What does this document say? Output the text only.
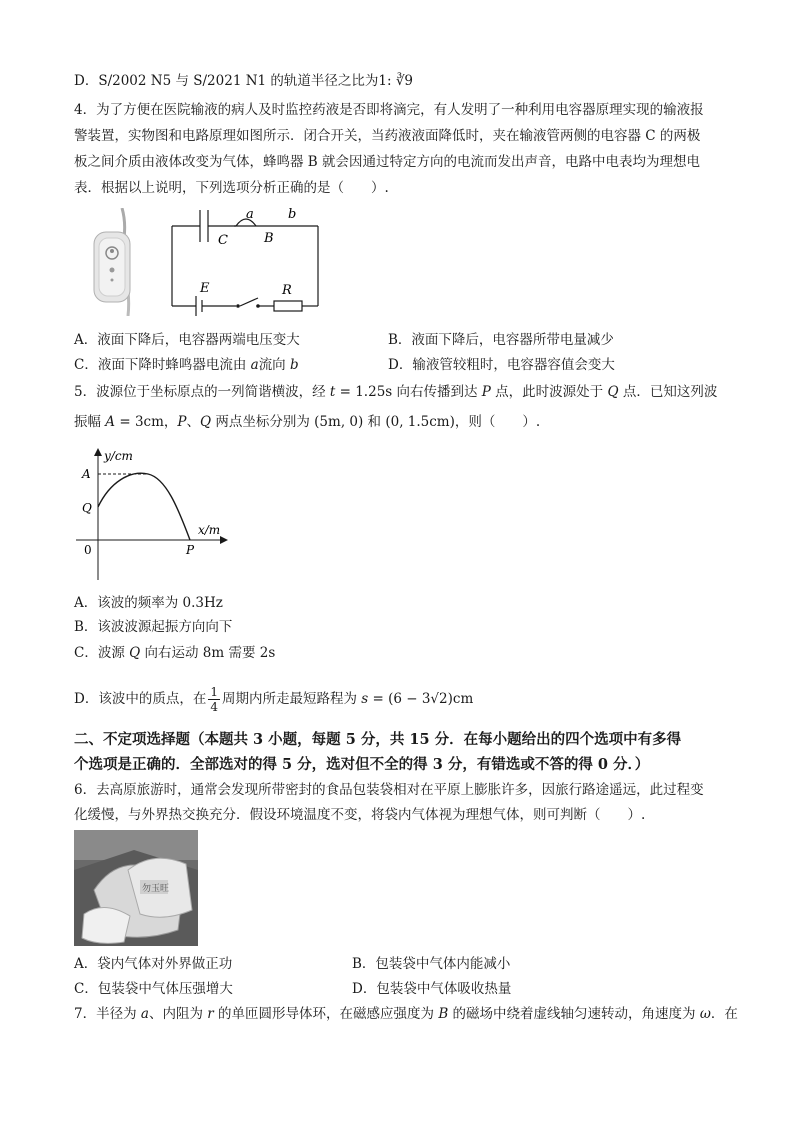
D．S/2002 N5 与 S/2021 N1 的轨道半径之比为1: ∛9
4．为了方便在医院输液的病人及时监控药液是否即将滴完，有人发明了一种利用电容器原理实现的输液报
警装置，实物图和电路原理如图所示．闭合开关，当药液液面降低时，夹在输液管两侧的电容器 C 的两极
板之间介质由液体改变为气体，蜂鸣器 B 就会因通过特定方向的电流而发出声音，电路中电表均为理想电
表．根据以上说明，下列选项分析正确的是（　　）.
a	b
B
C
E	R
A．液面下降后，电容器两端电压变大	B．液面下降后，电容器所带电量减少
C．液面下降时蜂鸣器电流由 a流向 b	D．输液管较粗时，电容器容值会变大
5．波源位于坐标原点的一列简谐横波，经 t = 1.25s 向右传播到达 P 点，此时波源处于 Q 点．已知这列波
振幅 A = 3cm，P、Q 两点坐标分别为 (5m, 0) 和 (0, 1.5cm)，则（　　）.
y/cm
x/m
A
Q
0	P
A．该波的频率为 0.3Hz
B．该波波源起振方向向下
C．波源 Q 向右运动 8m 需要 2s
D．该波中的质点，在 $\frac{1}{4}$ 周期内所走最短路程为 s = (6 − 3√2)cm
二、不定项选择题（本题共 3 小题，每题 5 分，共 15 分．在每小题给出的四个选项中有多得
个选项是正确的．全部选对的得 5 分，选对但不全的得 3 分，有错选或不答的得 0 分．）
6．去高原旅游时，通常会发现所带密封的食品包装袋相对在平原上膨胀许多，因旅行路途遥远，此过程变
化缓慢，与外界热交换充分．假设环境温度不变，将袋内气体视为理想气体，则可判断（　　）.
勿玉旺
A．袋内气体对外界做正功	B．包装袋中气体内能减小
C．包装袋中气体压强增大	D．包装袋中气体吸收热量
7．半径为 a、内阻为 r 的单匝圆形导体环，在磁感应强度为 B 的磁场中绕着虚线轴匀速转动，角速度为 ω．在
